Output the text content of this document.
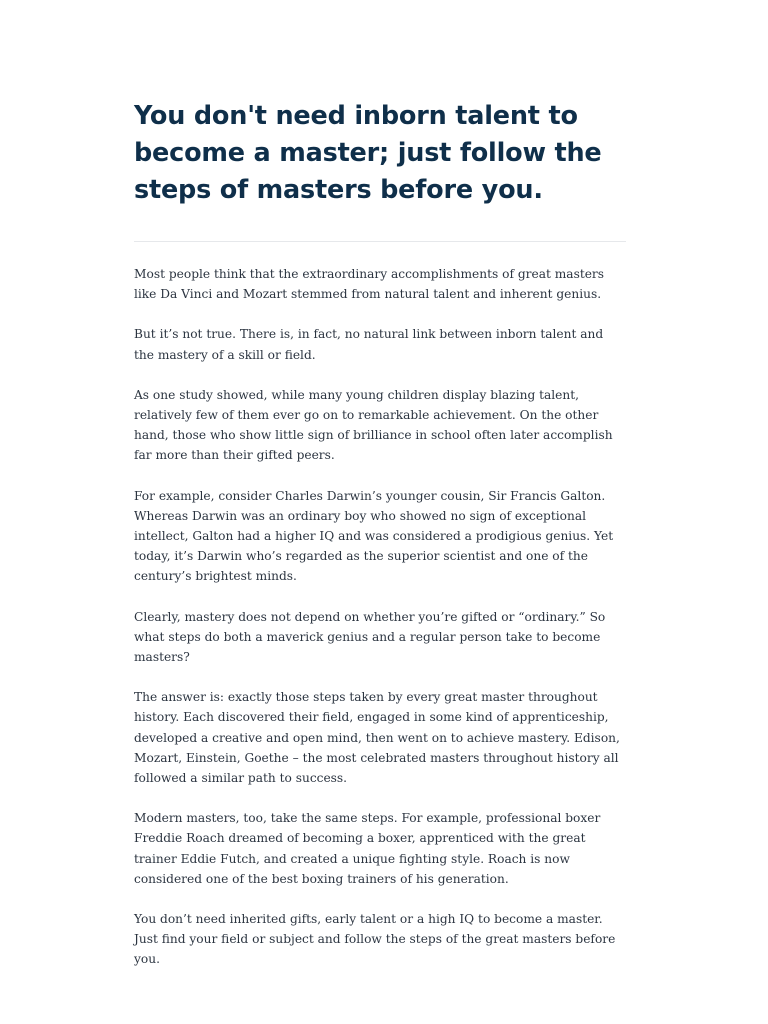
You don't need inborn talent to become a master; just follow the steps of masters before you.

Most people think that the extraordinary accomplishments of great masters like Da Vinci and Mozart stemmed from natural talent and inherent genius.

But it’s not true. There is, in fact, no natural link between inborn talent and the mastery of a skill or field.

As one study showed, while many young children display blazing talent, relatively few of them ever go on to remarkable achievement. On the other hand, those who show little sign of brilliance in school often later accomplish far more than their gifted peers.

For example, consider Charles Darwin’s younger cousin, Sir Francis Galton. Whereas Darwin was an ordinary boy who showed no sign of exceptional intellect, Galton had a higher IQ and was considered a prodigious genius. Yet today, it’s Darwin who’s regarded as the superior scientist and one of the century’s brightest minds.

Clearly, mastery does not depend on whether you’re gifted or “ordinary.” So what steps do both a maverick genius and a regular person take to become masters?

The answer is: exactly those steps taken by every great master throughout history. Each discovered their field, engaged in some kind of apprenticeship, developed a creative and open mind, then went on to achieve mastery. Edison, Mozart, Einstein, Goethe – the most celebrated masters throughout history all followed a similar path to success.

Modern masters, too, take the same steps. For example, professional boxer Freddie Roach dreamed of becoming a boxer, apprenticed with the great trainer Eddie Futch, and created a unique fighting style. Roach is now considered one of the best boxing trainers of his generation.

You don’t need inherited gifts, early talent or a high IQ to become a master. Just find your field or subject and follow the steps of the great masters before you.
